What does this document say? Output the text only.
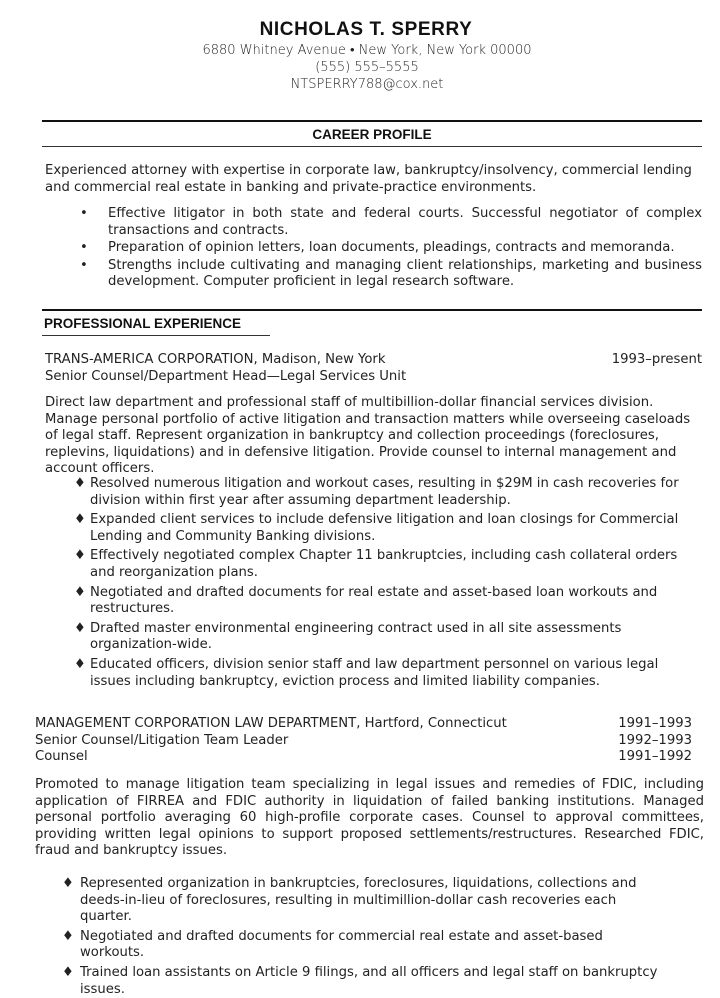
NICHOLAS T. SPERRY
6880 Whitney Avenue • New York, New York 00000
(555) 555–5555
NTSPERRY788@cox.net
CAREER PROFILE
Experienced attorney with expertise in corporate law, bankruptcy/insolvency, commercial lending and commercial real estate in banking and private-practice environments.
• Effective litigator in both state and federal courts. Successful negotiator of complex transactions and contracts.
• Preparation of opinion letters, loan documents, pleadings, contracts and memoranda.
• Strengths include cultivating and managing client relationships, marketing and business development. Computer proficient in legal research software.
PROFESSIONAL EXPERIENCE
TRANS-AMERICA CORPORATION, Madison, New York	1993–present
Senior Counsel/Department Head—Legal Services Unit
Direct law department and professional staff of multibillion-dollar financial services division. Manage personal portfolio of active litigation and transaction matters while overseeing caseloads of legal staff. Represent organization in bankruptcy and collection proceedings (foreclosures, replevins, liquidations) and in defensive litigation. Provide counsel to internal management and account officers.
♦ Resolved numerous litigation and workout cases, resulting in $29M in cash recoveries for division within first year after assuming department leadership.
♦ Expanded client services to include defensive litigation and loan closings for Commercial Lending and Community Banking divisions.
♦ Effectively negotiated complex Chapter 11 bankruptcies, including cash collateral orders and reorganization plans.
♦ Negotiated and drafted documents for real estate and asset-based loan workouts and restructures.
♦ Drafted master environmental engineering contract used in all site assessments organization-wide.
♦ Educated officers, division senior staff and law department personnel on various legal issues including bankruptcy, eviction process and limited liability companies.
MANAGEMENT CORPORATION LAW DEPARTMENT, Hartford, Connecticut	1991–1993
Senior Counsel/Litigation Team Leader	1992–1993
Counsel	1991–1992
Promoted to manage litigation team specializing in legal issues and remedies of FDIC, including application of FIRREA and FDIC authority in liquidation of failed banking institutions. Managed personal portfolio averaging 60 high-profile corporate cases. Counsel to approval committees, providing written legal opinions to support proposed settlements/restructures. Researched FDIC, fraud and bankruptcy issues.
♦ Represented organization in bankruptcies, foreclosures, liquidations, collections and deeds-in-lieu of foreclosures, resulting in multimillion-dollar cash recoveries each quarter.
♦ Negotiated and drafted documents for commercial real estate and asset-based workouts.
♦ Trained loan assistants on Article 9 filings, and all officers and legal staff on bankruptcy issues.
